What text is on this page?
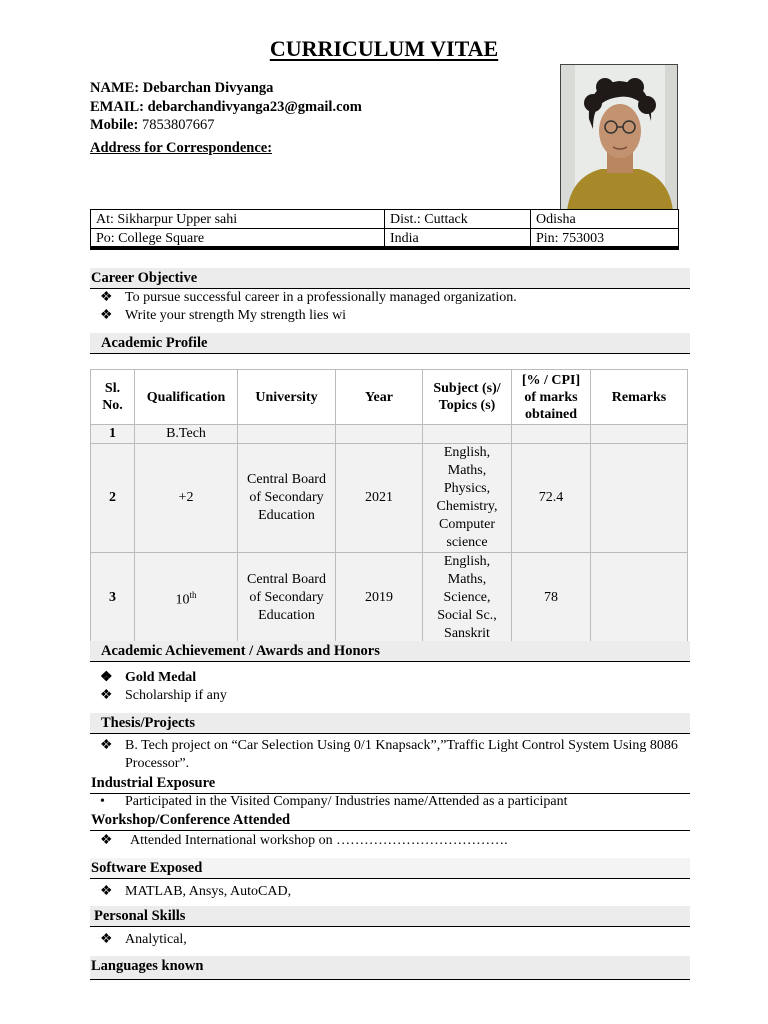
CURRICULUM VITAE
NAME: Debarchan Divyanga
EMAIL: debarchandivyanga23@gmail.com
Mobile: 7853807667
Address for Correspondence:
At: Sikharpur Upper sahi	Dist.: Cuttack	Odisha
Po: College Square	India	Pin: 753003
Career Objective
❖ To pursue successful career in a professionally managed organization.
❖ Write your strength My strength lies wi
Academic Profile
Sl. No.	Qualification	University	Year	Subject (s)/ Topics (s)	[% / CPI] of marks obtained	Remarks
1	B.Tech					
2	+2	Central Board of Secondary Education	2021	English, Maths, Physics, Chemistry, Computer science	72.4	
3	10th	Central Board of Secondary Education	2019	English, Maths, Science, Social Sc., Sanskrit	78	
Academic Achievement / Awards and Honors
❖ Gold Medal
❖ Scholarship if any
Thesis/Projects
❖ B. Tech project on “Car Selection Using 0/1 Knapsack”,”Traffic Light Control System Using 8086 Processor”.
Industrial Exposure
• Participated in the Visited Company/ Industries name/Attended as a participant
Workshop/Conference Attended
❖ Attended International workshop on ……………………………….
Software Exposed
❖ MATLAB, Ansys, AutoCAD,
Personal Skills
❖ Analytical,
Languages known
